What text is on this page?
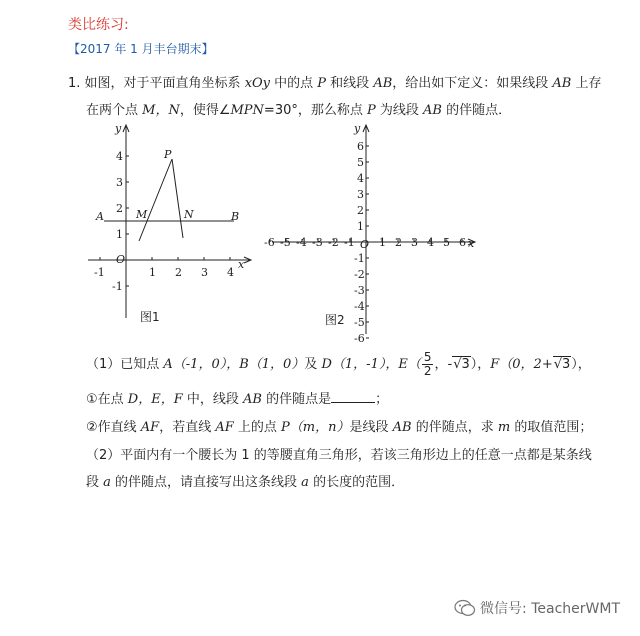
类比练习:
【2017 年 1 月丰台期末】
1. 如图，对于平面直角坐标系 xOy 中的点 P 和线段 AB，给出如下定义：如果线段 AB 上存
在两个点 M，N，使得∠MPN=30°，那么称点 P 为线段 AB 的伴随点．
x
y
O
-1	1 2 3 4
4
3
2
1
-1
A	B
M	N
P
图1
x
y
O
-6 -5 -4 -3 -2 -1 1 2 3 4 5 6
6
5
4
3
2
1
-1
-2
-3
-4
-5
-6
图2
（1）已知点 A（-1，0），B（1，0）及 D（1，-1），$E( \frac{5}{2}$ ，-√3），F（0，2+√3），
①在点 D，E，F 中，线段 AB 的伴随点是	；
②作直线 AF，若直线 AF 上的点 P（m，n）是线段 AB 的伴随点，求 m 的取值范围；
（2）平面内有一个腰长为 1 的等腰直角三角形，若该三角形边上的任意一点都是某条线
段 a 的伴随点，请直接写出这条线段 a 的长度的范围．
微信号: TeacherWMT
